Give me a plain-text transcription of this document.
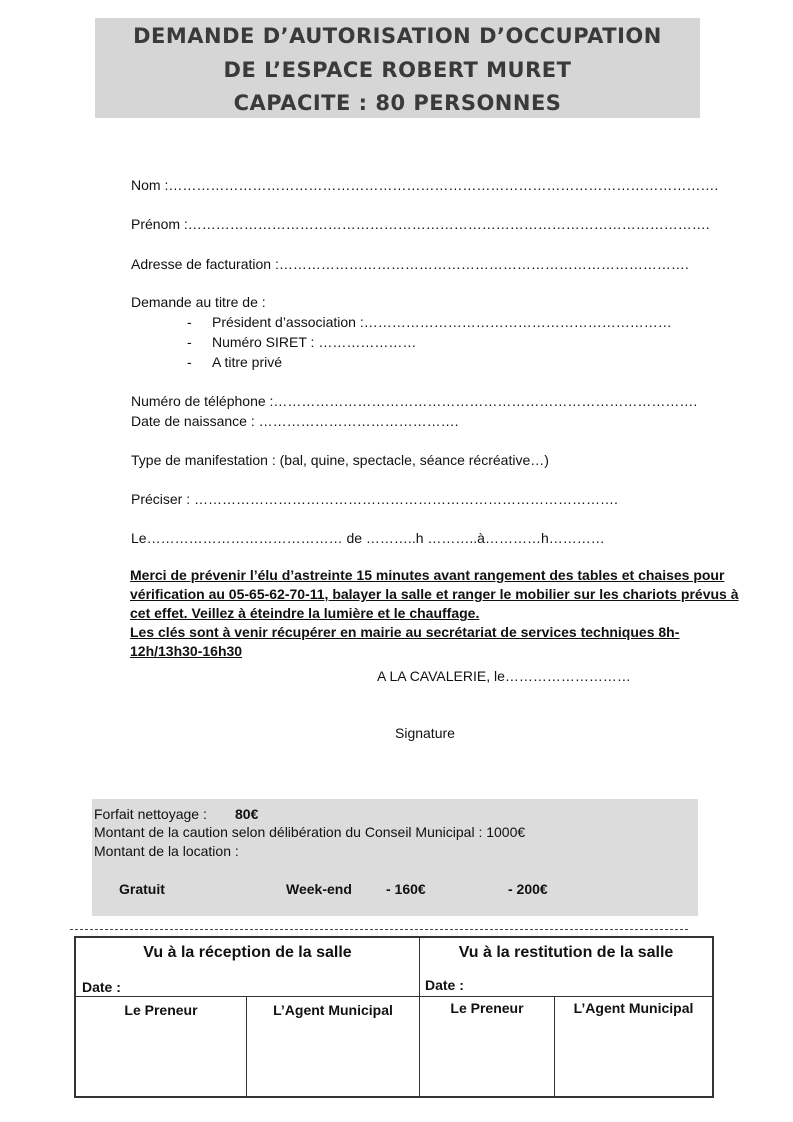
DEMANDE D’AUTORISATION D’OCCUPATION
DE L’ESPACE ROBERT MURET
CAPACITE : 80 PERSONNES
Nom :……………………………………………………………………………………………………….
Prénom :………………………………………………………………………………………………….
Adresse de facturation :…………………………………………………………………………….
Demande au titre de :
- Président d’association :…………………………………………………………
- Numéro SIRET : …………………
- A titre privé
Numéro de téléphone :……………………………………………………………………………….
Date de naissance : …………………………………….
Type de manifestation : (bal, quine, spectacle, séance récréative…)
Préciser : ……………………………………………………………………………….
Le…………………………………… de ………..h ………..à…………h…………
Merci de prévenir l’élu d’astreinte 15 minutes avant rangement des tables et chaises pour vérification au 05-65-62-70-11, balayer la salle et ranger le mobilier sur les chariots prévus à cet effet. Veillez à éteindre la lumière et le chauffage.
Les clés sont à venir récupérer en mairie au secrétariat de services techniques 8h-12h/13h30-16h30
A LA CAVALERIE, le………………………
Signature
Forfait nettoyage : 80€
Montant de la caution selon délibération du Conseil Municipal : 1000€
Montant de la location :
Gratuit	Week-end - 160€	- 200€
Vu à la réception de la salle	Vu à la restitution de la salle
Date :	Date :
Le Preneur	L’Agent Municipal	Le Preneur	L’Agent Municipal
